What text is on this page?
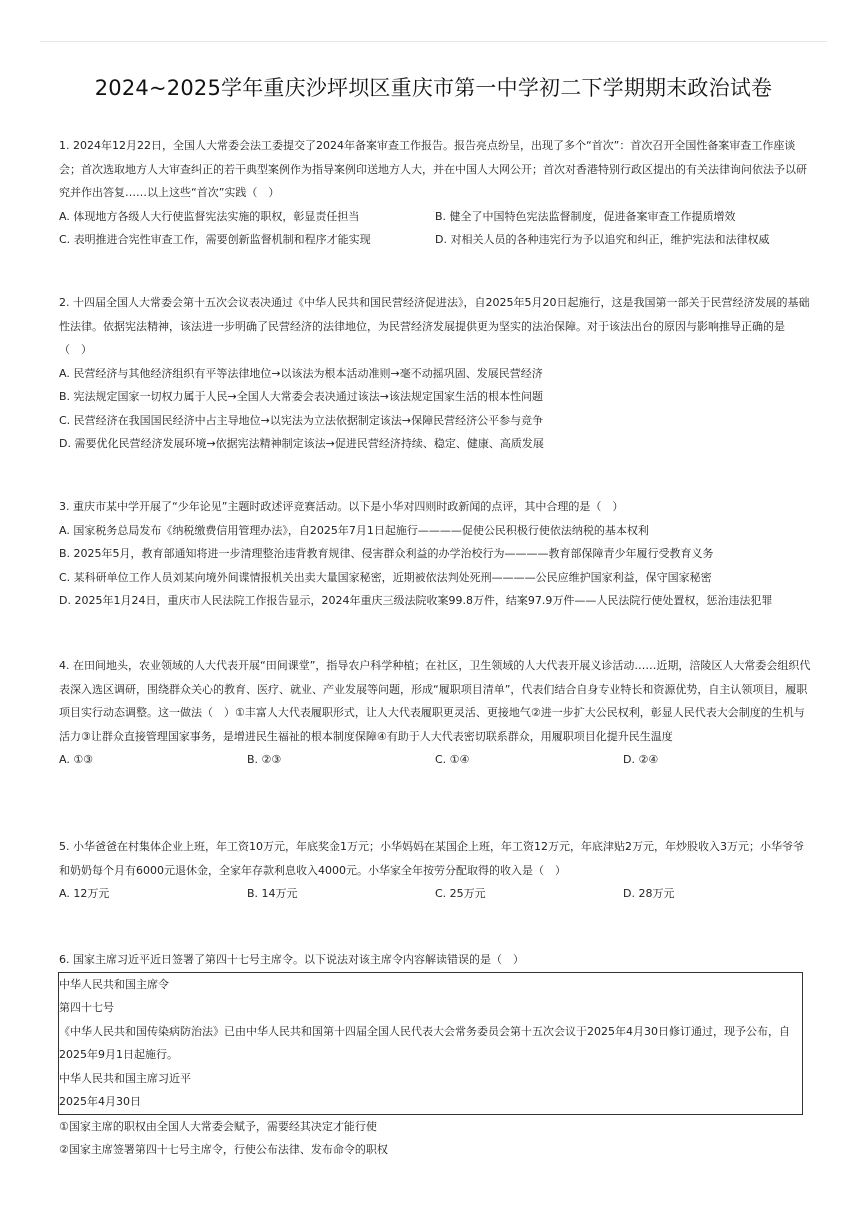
2024~2025学年重庆沙坪坝区重庆市第一中学初二下学期期末政治试卷

1. 2024年12月22日，全国人大常委会法工委提交了2024年备案审查工作报告。报告亮点纷呈，出现了多个“首次”：首次召开全国性备案审查工作座谈会；首次选取地方人大审查纠正的若干典型案例作为指导案例印送地方人大，并在中国人大网公开；首次对香港特别行政区提出的有关法律询问依法予以研究并作出答复……以上这些“首次”实践（　）

A. 体现地方各级人大行使监督宪法实施的职权，彰显责任担当	B. 健全了中国特色宪法监督制度，促进备案审查工作提质增效
C. 表明推进合宪性审查工作，需要创新监督机制和程序才能实现	D. 对相关人员的各种违宪行为予以追究和纠正，维护宪法和法律权威

2. 十四届全国人大常委会第十五次会议表决通过《中华人民共和国民营经济促进法》，自2025年5月20日起施行，这是我国第一部关于民营经济发展的基础性法律。依据宪法精神，该法进一步明确了民营经济的法律地位，为民营经济发展提供更为坚实的法治保障。对于该法出台的原因与影响推导正确的是（　）

A. 民营经济与其他经济组织有平等法律地位→以该法为根本活动准则→毫不动摇巩固、发展民营经济
B. 宪法规定国家一切权力属于人民→全国人大常委会表决通过该法→该法规定国家生活的根本性问题
C. 民营经济在我国国民经济中占主导地位→以宪法为立法依据制定该法→保障民营经济公平参与竞争
D. 需要优化民营经济发展环境→依据宪法精神制定该法→促进民营经济持续、稳定、健康、高质发展

3. 重庆市某中学开展了“少年论见”主题时政述评竞赛活动。以下是小华对四则时政新闻的点评，其中合理的是（　）

A. 国家税务总局发布《纳税缴费信用管理办法》，自2025年7月1日起施行————促使公民积极行使依法纳税的基本权利
B. 2025年5月，教育部通知将进一步清理整治违背教育规律、侵害群众利益的办学治校行为————教育部保障青少年履行受教育义务
C. 某科研单位工作人员刘某向境外间谍情报机关出卖大量国家秘密，近期被依法判处死刑————公民应维护国家利益，保守国家秘密
D. 2025年1月24日，重庆市人民法院工作报告显示，2024年重庆三级法院收案99.8万件，结案97.9万件——人民法院行使处置权，惩治违法犯罪

4. 在田间地头，农业领域的人大代表开展“田间课堂”，指导农户科学种植；在社区，卫生领域的人大代表开展义诊活动……近期，涪陵区人大常委会组织代表深入选区调研，围绕群众关心的教育、医疗、就业、产业发展等问题，形成“履职项目清单”，代表们结合自身专业特长和资源优势，自主认领项目，履职项目实行动态调整。这一做法（　）①丰富人大代表履职形式，让人大代表履职更灵活、更接地气②进一步扩大公民权利，彰显人民代表大会制度的生机与活力③让群众直接管理国家事务，是增进民生福祉的根本制度保障④有助于人大代表密切联系群众，用履职项目化提升民生温度

A. ①③	B. ②③	C. ①④	D. ②④

5. 小华爸爸在村集体企业上班，年工资10万元，年底奖金1万元；小华妈妈在某国企上班，年工资12万元，年底津贴2万元，年炒股收入3万元；小华爷爷和奶奶每个月有6000元退休金，全家年存款利息收入4000元。小华家全年按劳分配取得的收入是（　）

A. 12万元	B. 14万元	C. 25万元	D. 28万元

6. 国家主席习近平近日签署了第四十七号主席令。以下说法对该主席令内容解读错误的是（　）

中华人民共和国主席令

第四十七号

《中华人民共和国传染病防治法》已由中华人民共和国第十四届全国人民代表大会常务委员会第十五次会议于2025年4月30日修订通过，现予公布，自2025年9月1日起施行。

中华人民共和国主席习近平

2025年4月30日

①国家主席的职权由全国人大常委会赋予，需要经其决定才能行使
②国家主席签署第四十七号主席令，行使公布法律、发布命令的职权
